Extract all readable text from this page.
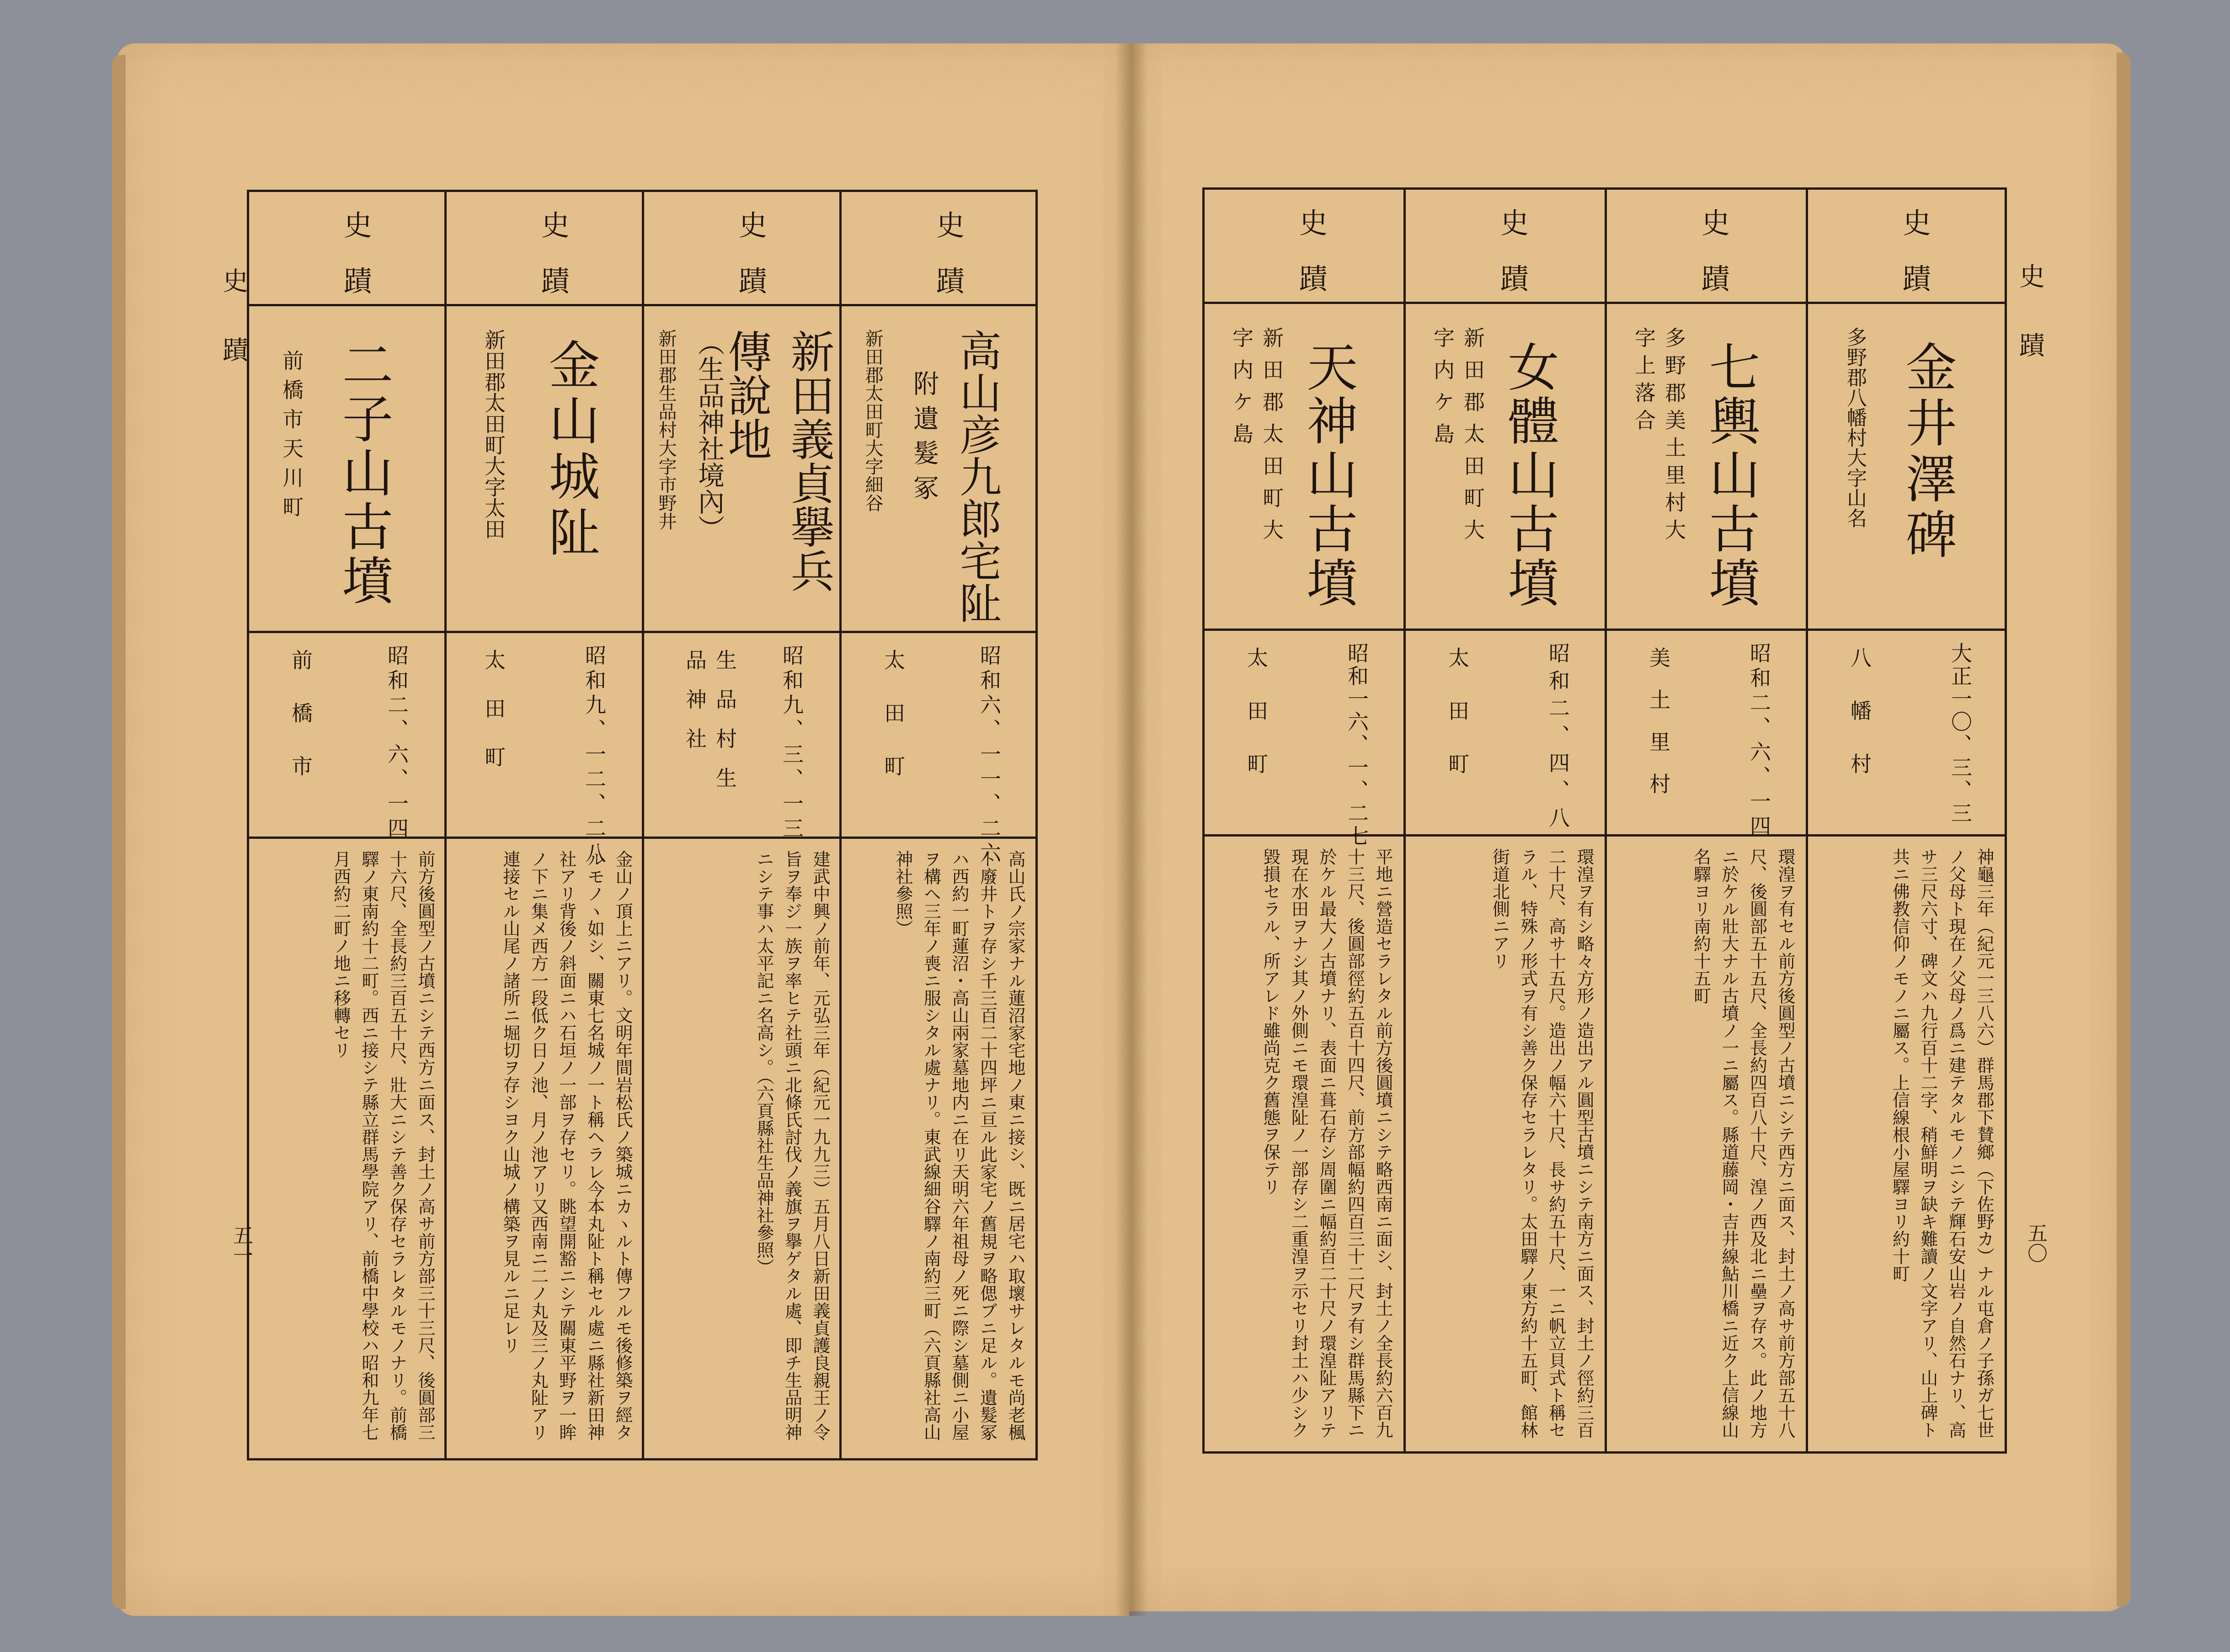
史蹟	史蹟
五一	五〇
史蹟
二子山古墳
前橋市天川町
昭和二、六、一四
前橋市
前方後圓型ノ古墳ニシテ西方ニ面ス、封土ノ高サ前方部三十三尺、後圓部三十六尺、全長約三百五十尺、壯大ニシテ善ク保存セラレタルモノナリ。前橋驛ノ東南約十二町。西ニ接シテ縣立群馬學院アリ、前橋中學校ハ昭和九年七月西約二町ノ地ニ移轉セリ
史蹟
金山城阯
新田郡太田町大字太田
昭和九、一二、二八
太田町
金山ノ頂上ニアリ。文明年間岩松氏ノ築城ニカヽルト傳フルモ後修築ヲ經タルモノヽ如シ、關東七名城ノ一ト稱ヘラレ今本丸阯ト稱セル處ニ縣社新田神社アリ背後ノ斜面ニハ石垣ノ一部ヲ存セリ。眺望開豁ニシテ關東平野ヲ一眸ノ下ニ集メ西方一段低ク日ノ池、月ノ池アリ又西南ニ二ノ丸及三ノ丸阯アリ連接セル山尾ノ諸所ニ堀切ヲ存シヨク山城ノ構築ヲ見ルニ足レリ
史蹟
新田義貞擧兵傳說地
（生品神社境內）
新田郡生品村大字市野井
昭和九、三、一三
生品村生品神社
建武中興ノ前年、元弘三年（紀元一九九三）五月八日新田義貞護良親王ノ令旨ヲ奉ジ一族ヲ率ヒテ社頭ニ北條氏討伐ノ義旗ヲ擧ゲタル處、即チ生品明神ニシテ事ハ太平記ニ名高シ。（六頁縣社生品神社參照）
史蹟
高山彦九郎宅阯
附遺髮冢
新田郡太田町大字細谷
昭和六、一一、二六
太田町
高山氏ノ宗家ナル蓮沼家宅地ノ東ニ接シ、既ニ居宅ハ取壞サレタルモ尚老楓ト廢井トヲ存シ千三百二十四坪ニ亘ル此家宅ノ舊規ヲ略偲ブニ足ル。遺髮冢ハ西約一町蓮沼・高山兩家墓地内ニ在リ天明六年祖母ノ死ニ際シ墓側ニ小屋ヲ構ヘ三年ノ喪ニ服シタル處ナリ。東武線細谷驛ノ南約三町（六頁縣社高山神社參照）
史蹟
天神山古墳
新田郡太田町大字内ケ島
昭和一六、一、二七
太田町
平地ニ營造セラレタル前方後圓墳ニシテ略西南ニ面シ、封土ノ全長約六百九十三尺、後圓部徑約五百十四尺、前方部幅約四百三十二尺ヲ有シ群馬縣下ニ於ケル最大ノ古墳ナリ、表面ニ葺石存シ周圍ニ幅約百二十尺ノ環湟阯アリテ現在水田ヲナシ其ノ外側ニモ環湟阯ノ一部存シ二重湟ヲ示セリ封土ハ少シク毀損セラル、所アレド雖尚克ク舊態ヲ保テリ
史蹟
女體山古墳
新田郡太田町大字内ケ島
昭和二、四、八
太田町
環湟ヲ有シ略々方形ノ造出アル圓型古墳ニシテ南方ニ面ス、封土ノ徑約三百二十尺、高サ十五尺。造出ノ幅六十尺、長サ約五十尺、一ニ帆立貝式ト稱セラル、特殊ノ形式ヲ有シ善ク保存セラレタリ。太田驛ノ東方約十五町、館林街道北側ニアリ
史蹟
七輿山古墳
多野郡美土里村大字上落合
昭和二、六、一四
美土里村
環湟ヲ有セル前方後圓型ノ古墳ニシテ西方ニ面ス、封土ノ高サ前方部五十八尺、後圓部五十五尺、全長約四百八十尺、湟ノ西及北ニ壘ヲ存ス。此ノ地方ニ於ケル壯大ナル古墳ノ一ニ屬ス。縣道藤岡・吉井線鮎川橋ニ近ク上信線山名驛ヨリ南約十五町
史蹟
金井澤碑
多野郡八幡村大字山名
大正一〇、三、三
八幡村
神龜三年（紀元一三八六）群馬郡下賛鄉（下佐野カ）ナル屯倉ノ子孫ガ七世ノ父母ト現在ノ父母ノ爲ニ建テタルモノニシテ輝石安山岩ノ自然石ナリ、高サ三尺六寸、碑文ハ九行百十二字、稍鮮明ヲ缺キ難讀ノ文字アリ、山上碑ト共ニ佛教信仰ノモノニ屬ス。上信線根小屋驛ヨリ約十町
